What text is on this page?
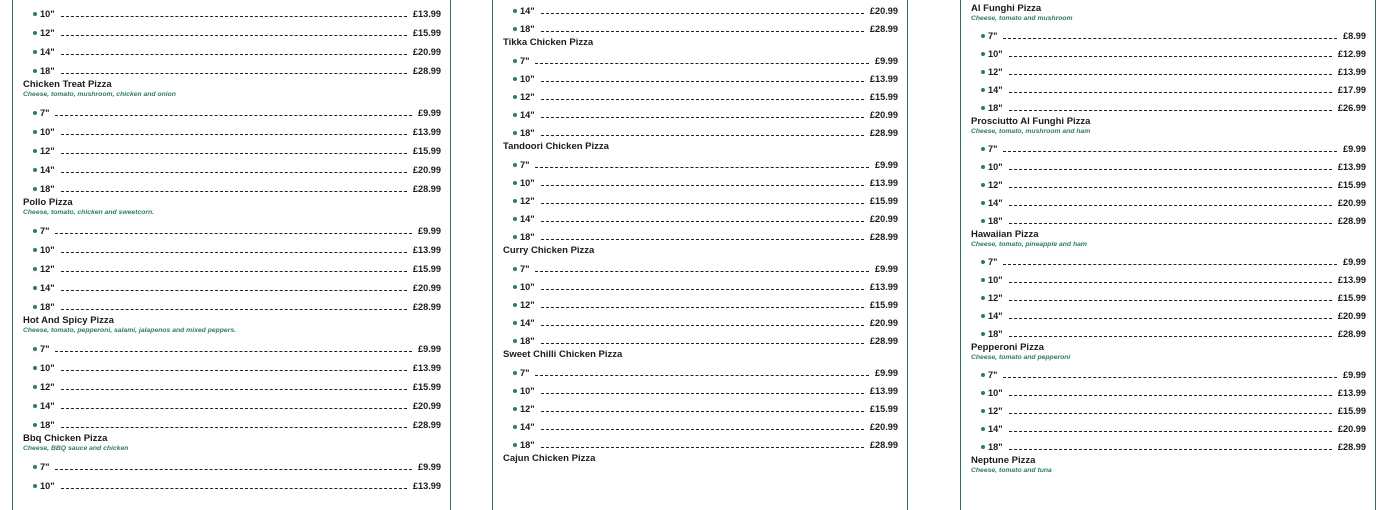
10"	£13.99
12"	£15.99
14"	£20.99
18"	£28.99
Chicken Treat Pizza
Cheese, tomato, mushroom, chicken and onion
7"	£9.99
10"	£13.99
12"	£15.99
14"	£20.99
18"	£28.99
Pollo Pizza
Cheese, tomato, chicken and sweetcorn.
7"	£9.99
10"	£13.99
12"	£15.99
14"	£20.99
18"	£28.99
Hot And Spicy Pizza
Cheese, tomato, pepperoni, salami, jalapenos and mixed peppers.
7"	£9.99
10"	£13.99
12"	£15.99
14"	£20.99
18"	£28.99
Bbq Chicken Pizza
Cheese, BBQ sauce and chicken
7"	£9.99
10"	£13.99
14"	£20.99
18"	£28.99
Tikka Chicken Pizza
7"	£9.99
10"	£13.99
12"	£15.99
14"	£20.99
18"	£28.99
Tandoori Chicken Pizza
7"	£9.99
10"	£13.99
12"	£15.99
14"	£20.99
18"	£28.99
Curry Chicken Pizza
7"	£9.99
10"	£13.99
12"	£15.99
14"	£20.99
18"	£28.99
Sweet Chilli Chicken Pizza
7"	£9.99
10"	£13.99
12"	£15.99
14"	£20.99
18"	£28.99
Cajun Chicken Pizza
Al Funghi Pizza
Cheese, tomato and mushroom
7"	£8.99
10"	£12.99
12"	£13.99
14"	£17.99
18"	£26.99
Prosciutto Al Funghi Pizza
Cheese, tomato, mushroom and ham
7"	£9.99
10"	£13.99
12"	£15.99
14"	£20.99
18"	£28.99
Hawaiian Pizza
Cheese, tomato, pineapple and ham
7"	£9.99
10"	£13.99
12"	£15.99
14"	£20.99
18"	£28.99
Pepperoni Pizza
Cheese, tomato and pepperoni
7"	£9.99
10"	£13.99
12"	£15.99
14"	£20.99
18"	£28.99
Neptune Pizza
Cheese, tomato and tuna
